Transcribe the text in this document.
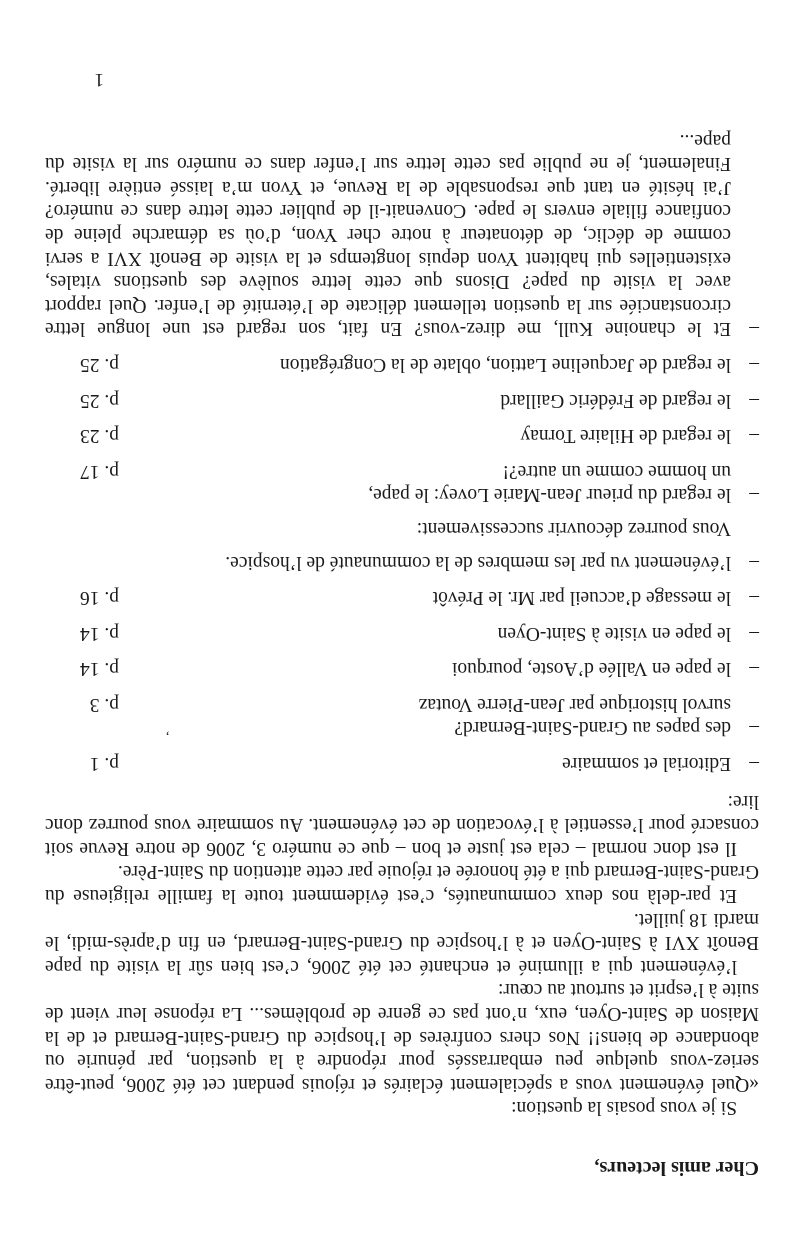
Cher amis lecteurs,

Si je vous posais la question:

«Quel événement vous a spécialement éclairés et réjouis pendant cet été 2006, peut-être seriez-vous quelque peu embarrassés pour répondre à la question, par pénurie ou abondance de biens!! Nos chers confrères de l’hospice du Grand-Saint-Bernard et de la Maison de Saint-Oyen, eux, n’ont pas ce genre de problèmes... La réponse leur vient de suite à l’esprit et surtout au cœur:

l’événement qui a illuminé et enchanté cet été 2006, c’est bien sûr la visite du pape Benoît XVI à Saint-Oyen et à l’hospice du Grand-Saint-Bernard, en fin d’après-midi, le mardi 18 juillet.

Et par-delà nos deux communautés, c’est évidemment toute la famille religieuse du Grand-Saint-Bernard qui a été honorée et réjouie par cette attention du Saint-Père.

Il est donc normal – cela est juste et bon – que ce numéro 3, 2006 de notre Revue soit consacré pour l’essentiel à l’évocation de cet événement. Au sommaire vous pourrez donc lire:

–
Editorial et sommaire
p. 1
–
des papes au Grand-Saint-Bernard?
survol historique par Jean-Pierre Voutaz
p. 3
–
le pape en Vallée d’Aoste, pourquoi
p. 14
–
le pape en visite à Saint-Oyen
p. 14
–
le message d’accueil par Mr. le Prévôt
p. 16
–
l’événement vu par les membres de la communauté de l’hospice.
Vous pourrez découvrir successivement:
–
le regard du prieur Jean-Marie Lovey: le pape,
un homme comme un autre?!
p. 17
–
le regard de Hilaire Tornay
p. 23
–
le regard de Frédéric Gaillard
p. 25
–
le regard de Jacqueline Lattion, oblate de la Congrégation
p. 25
–

Et le chanoine Kull, me direz-vous? En fait, son regard est une longue lettre circonstanciée sur la question tellement délicate de l’éternité de l’enfer. Quel rapport avec la visite du pape? Disons que cette lettre soulève des questions vitales, existentielles qui habitent Yvon depuis longtemps et la visite de Benoît XVI a servi comme de déclic, de détonateur à notre cher Yvon, d’où sa démarche pleine de confiance filiale envers le pape. Convenait-il de publier cette lettre dans ce numéro? J’ai hésité en tant que responsable de la Revue, et Yvon m’a laissé entière liberté. Finalement, je ne publie pas cette lettre sur l’enfer dans ce numéro sur la visite du pape...

’
1
